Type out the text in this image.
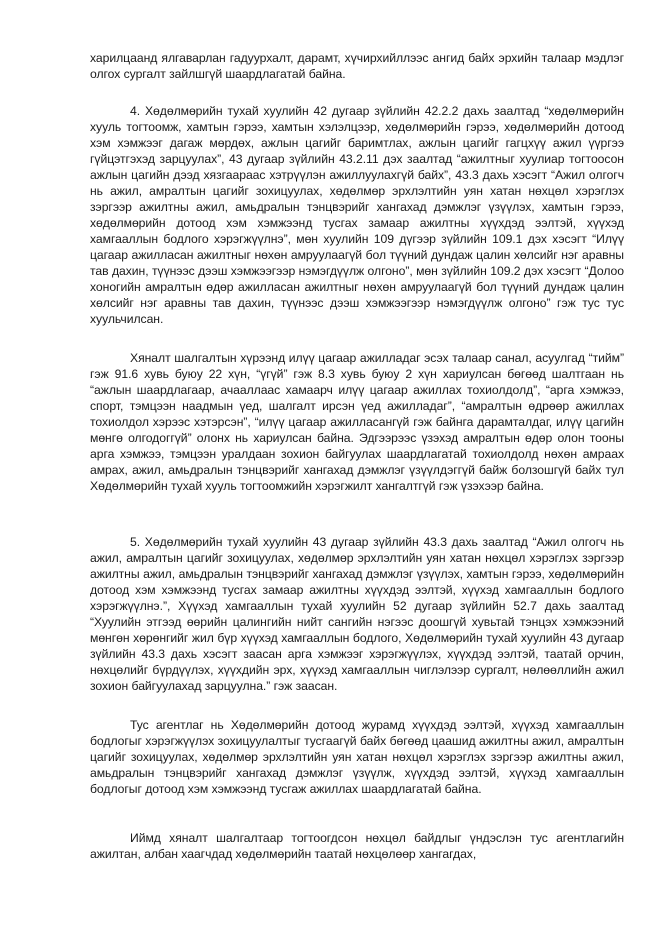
харилцаанд ялгаварлан гадуурхалт, дарамт, хүчирхийллээс ангид байх эрхийн талаар мэдлэг олгох сургалт зайлшгүй шаардлагатай байна.

4. Хөдөлмөрийн тухай хуулийн 42 дугаар зүйлийн 42.2.2 дахь заалтад “хөдөлмөрийн хууль тогтоомж, хамтын гэрээ, хамтын хэлэлцээр, хөдөлмөрийн гэрээ, хөдөлмөрийн дотоод хэм хэмжээг дагаж мөрдөх, ажлын цагийг баримтлах, ажлын цагийг гагцхүү ажил үүргээ гүйцэтгэхэд зарцуулах”, 43 дугаар зүйлийн 43.2.11 дэх заалтад “ажилтныг хуулиар тогтоосон ажлын цагийн дээд хязгаараас хэтрүүлэн ажиллуулахгүй байх”, 43.3 дахь хэсэгт “Ажил олгогч нь ажил, амралтын цагийг зохицуулах, хөдөлмөр эрхлэлтийн уян хатан нөхцөл хэрэглэх зэргээр ажилтны ажил, амьдралын тэнцвэрийг хангахад дэмжлэг үзүүлэх, хамтын гэрээ, хөдөлмөрийн дотоод хэм хэмжээнд тусгах замаар ажилтны хүүхдэд ээлтэй, хүүхэд хамгааллын бодлого хэрэгжүүлнэ”, мөн хуулийн 109 дүгээр зүйлийн 109.1 дэх хэсэгт “Илүү цагаар ажилласан ажилтныг нөхөн амруулаагүй бол түүний дундаж цалин хөлсийг нэг аравны тав дахин, түүнээс дээш хэмжээгээр нэмэгдүүлж олгоно”, мөн зүйлийн 109.2 дэх хэсэгт “Долоо хоногийн амралтын өдөр ажилласан ажилтныг нөхөн амруулаагүй бол түүний дундаж цалин хөлсийг нэг аравны тав дахин, түүнээс дээш хэмжээгээр нэмэгдүүлж олгоно” гэж тус тус хуульчилсан.

Хяналт шалгалтын хүрээнд илүү цагаар ажилладаг эсэх талаар санал, асуулгад “тийм” гэж 91.6 хувь буюу 22 хүн, “үгүй” гэж 8.3 хувь буюу 2 хүн хариулсан бөгөөд шалтгаан нь “ажлын шаардлагаар, ачааллаас хамаарч илүү цагаар ажиллах тохиолдолд”, “арга хэмжээ, спорт, тэмцээн наадмын үед, шалгалт ирсэн үед ажилладаг”, “амралтын өдрөөр ажиллах тохиолдол хэрээс хэтэрсэн”, “илүү цагаар ажилласангүй гэж байнга дарамталдаг, илүү цагийн мөнгө олгодоггүй” олонх нь хариулсан байна. Эдгээрээс үзэхэд амралтын өдөр олон тооны арга хэмжээ, тэмцээн уралдаан зохион байгуулах шаардлагатай тохиолдолд нөхөн амраах амрах, ажил, амьдралын тэнцвэрийг хангахад дэмжлэг үзүүлдэггүй байж болзошгүй байх тул Хөдөлмөрийн тухай хууль тогтоомжийн хэрэгжилт хангалтгүй гэж үзэхээр байна.

5. Хөдөлмөрийн тухай хуулийн 43 дугаар зүйлийн 43.3 дахь заалтад “Ажил олгогч нь ажил, амралтын цагийг зохицуулах, хөдөлмөр эрхлэлтийн уян хатан нөхцөл хэрэглэх зэргээр ажилтны ажил, амьдралын тэнцвэрийг хангахад дэмжлэг үзүүлэх, хамтын гэрээ, хөдөлмөрийн дотоод хэм хэмжээнд тусгах замаар ажилтны хүүхдэд ээлтэй, хүүхэд хамгааллын бодлого хэрэгжүүлнэ.”, Хүүхэд хамгааллын тухай хуулийн 52 дугаар зүйлийн 52.7 дахь заалтад “Хуулийн этгээд өөрийн цалингийн нийт сангийн нэгээс доошгүй хувьтай тэнцэх хэмжээний мөнгөн хөрөнгийг жил бүр хүүхэд хамгааллын бодлого, Хөдөлмөрийн тухай хуулийн 43 дугаар зүйлийн 43.3 дахь хэсэгт заасан арга хэмжээг хэрэгжүүлэх, хүүхдэд ээлтэй, таатай орчин, нөхцөлийг бүрдүүлэх, хүүхдийн эрх, хүүхэд хамгааллын чиглэлээр сургалт, нөлөөллийн ажил зохион байгуулахад зарцуулна.” гэж заасан.

Тус агентлаг нь Хөдөлмөрийн дотоод журамд хүүхдэд ээлтэй, хүүхэд хамгааллын бодлогыг хэрэгжүүлэх зохицуулалтыг тусгаагүй байх бөгөөд цаашид ажилтны ажил, амралтын цагийг зохицуулах, хөдөлмөр эрхлэлтийн уян хатан нөхцөл хэрэглэх зэргээр ажилтны ажил, амьдралын тэнцвэрийг хангахад дэмжлэг үзүүлж, хүүхдэд ээлтэй, хүүхэд хамгааллын бодлогыг дотоод хэм хэмжээнд тусгаж ажиллах шаардлагатай байна.

Иймд хяналт шалгалтаар тогтоогдсон нөхцөл байдлыг үндэслэн тус агентлагийн ажилтан, албан хаагчдад хөдөлмөрийн таатай нөхцөлөөр хангагдах,
